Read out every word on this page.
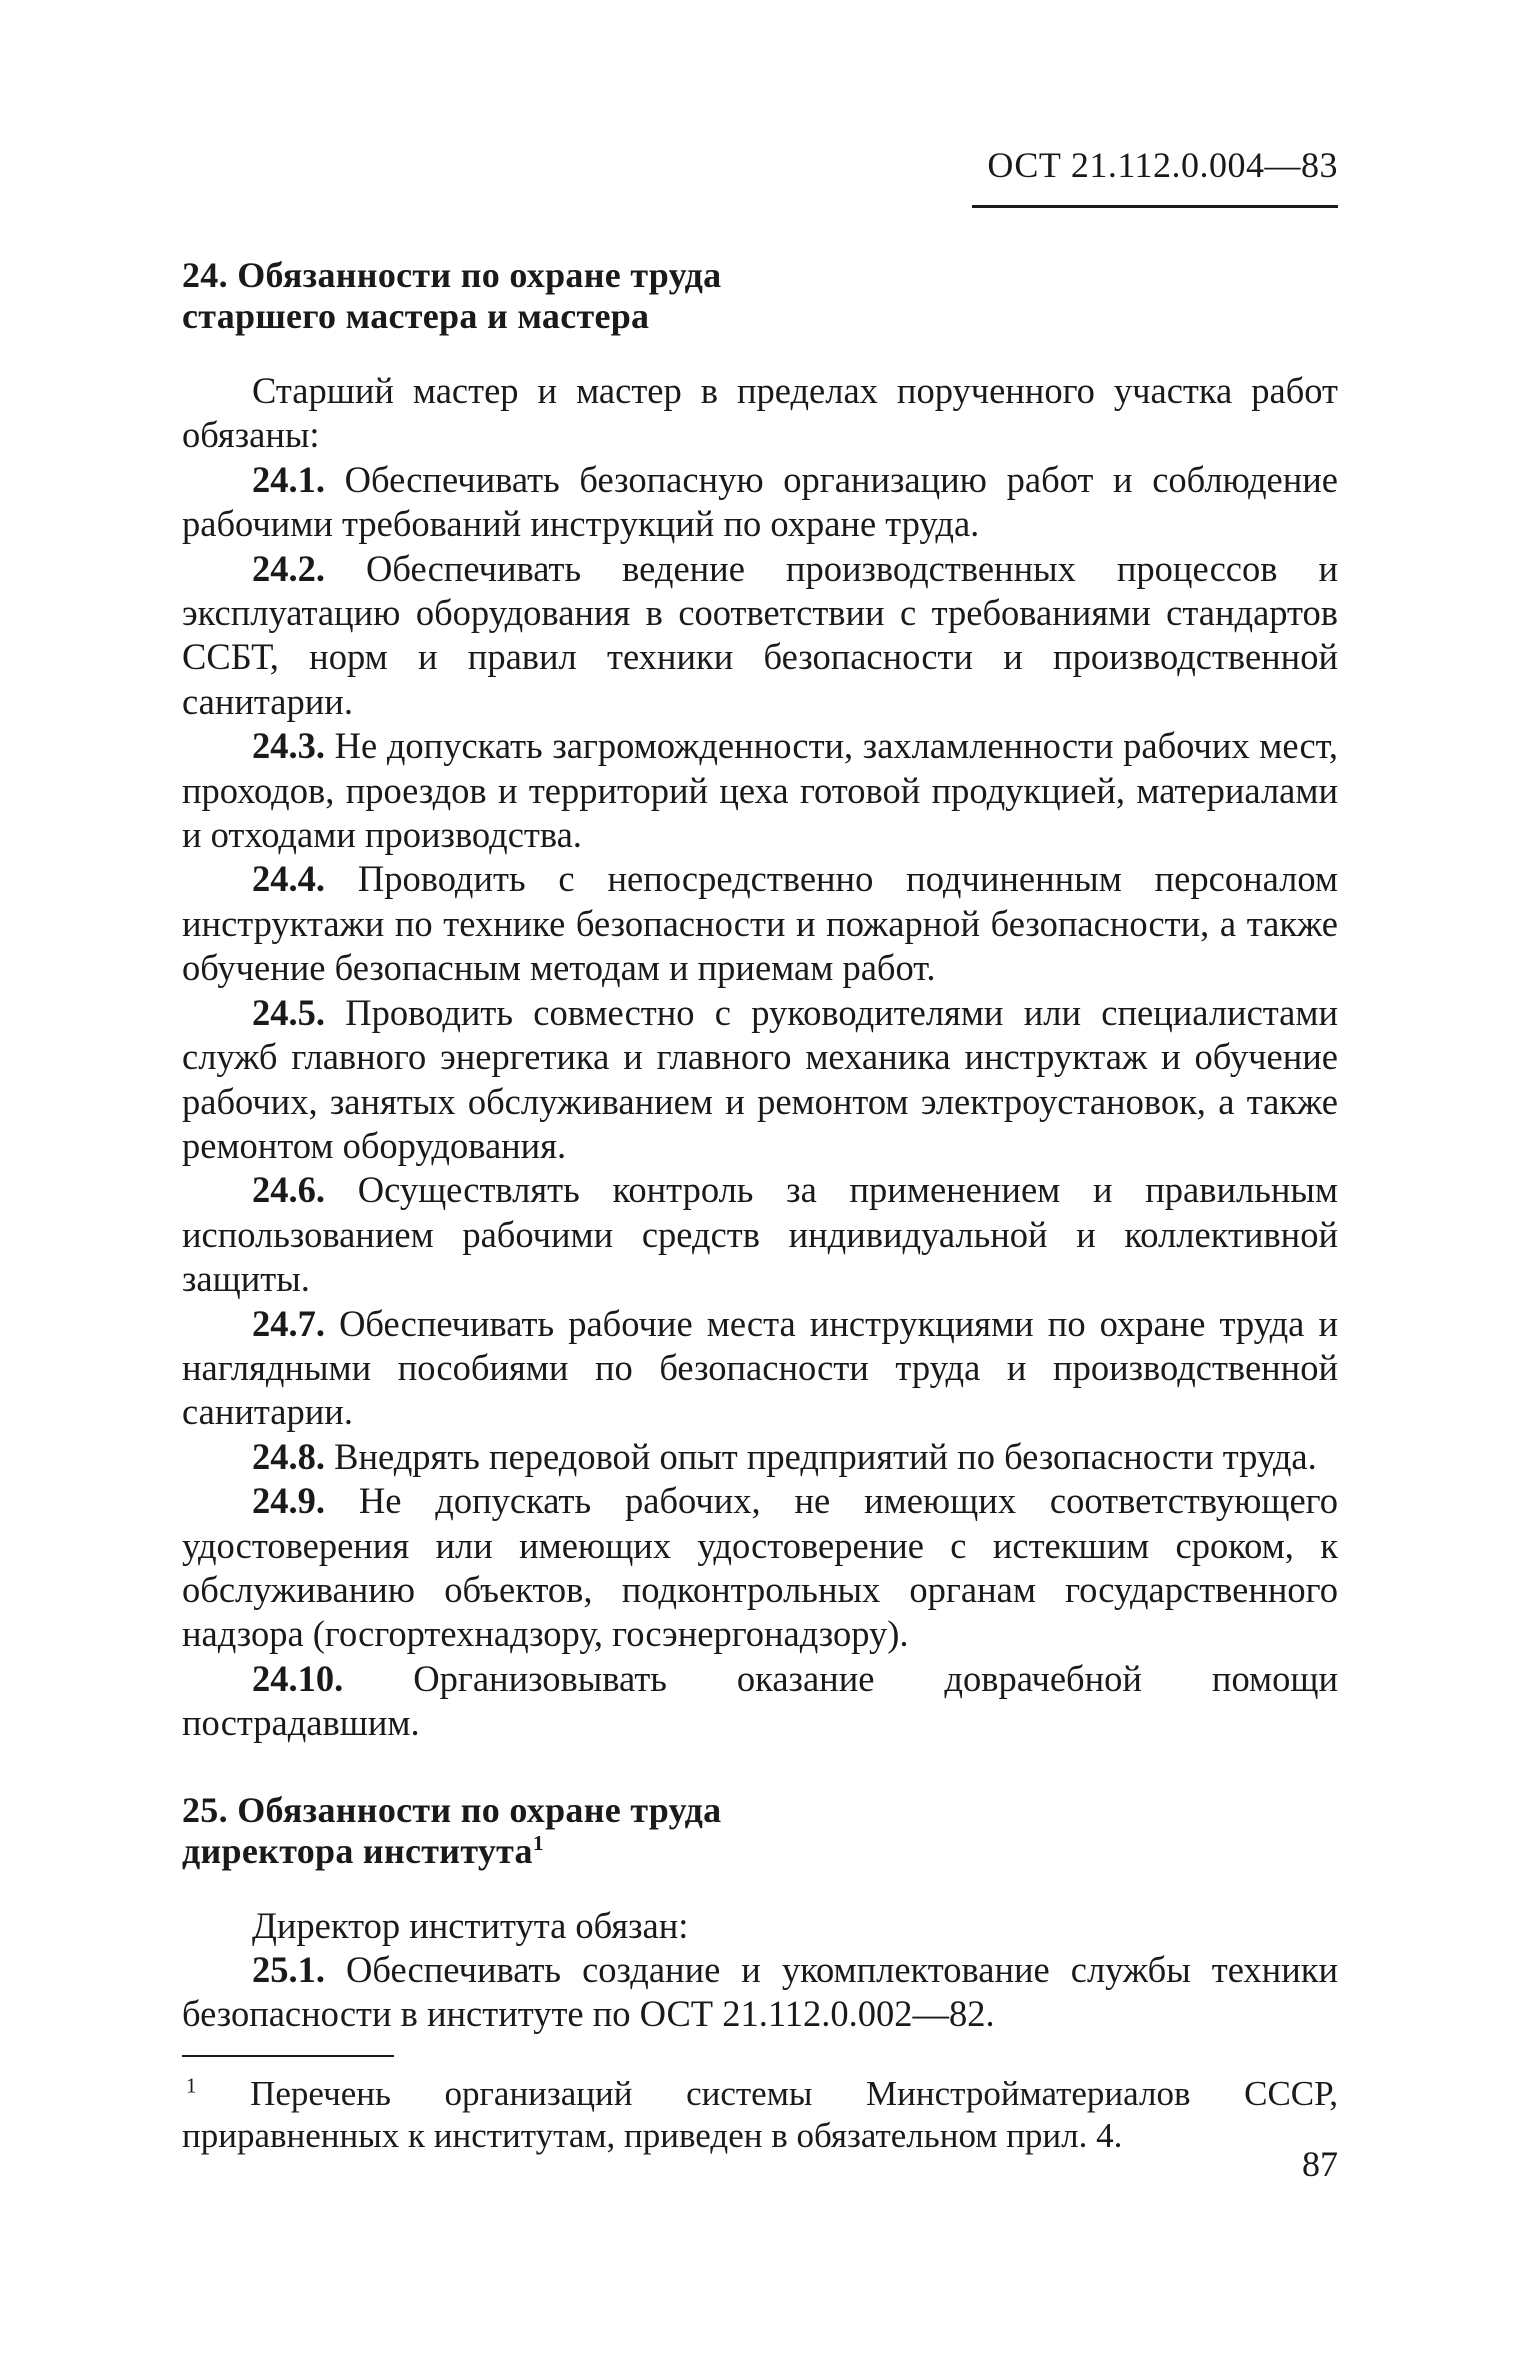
ОСТ 21.112.0.004—83
24. Обязанности по охране труда
старшего мастера и мастера

Старший мастер и мастер в пределах порученного участка работ обязаны:

24.1. Обеспечивать безопасную организацию работ и соблюдение рабочими требований инструкций по охране труда.

24.2. Обеспечивать ведение производственных процессов и эксплуатацию оборудования в соответствии с требованиями стандартов ССБТ, норм и правил техники безопасности и производственной санитарии.

24.3. Не допускать загроможденности, захламленности рабочих мест, проходов, проездов и территорий цеха готовой продукцией, материалами и отходами производства.

24.4. Проводить с непосредственно подчиненным персоналом инструктажи по технике безопасности и пожарной безопасности, а также обучение безопасным методам и приемам работ.

24.5. Проводить совместно с руководителями или специалистами служб главного энергетика и главного механика инструктаж и обучение рабочих, занятых обслуживанием и ремонтом электроустановок, а также ремонтом оборудования.

24.6. Осуществлять контроль за применением и правильным использованием рабочими средств индивидуальной и коллективной защиты.

24.7. Обеспечивать рабочие места инструкциями по охране труда и наглядными пособиями по безопасности труда и производственной санитарии.

24.8. Внедрять передовой опыт предприятий по безопасности труда.

24.9. Не допускать рабочих, не имеющих соответствующего удостоверения или имеющих удостоверение с истекшим сроком, к обслуживанию объектов, подконтрольных органам государственного надзора (госгортехнадзору, госэнергонадзору).

24.10. Организовывать оказание доврачебной помощи пострадавшим.

25. Обязанности по охране труда
директора института$^1$

Директор института обязан:

25.1. Обеспечивать создание и укомплектование службы техники безопасности в институте по ОСТ 21.112.0.002—82.

$^1$ Перечень организаций системы Минстройматериалов СССР, приравненных к институтам, приведен в обязательном прил. 4.

87
